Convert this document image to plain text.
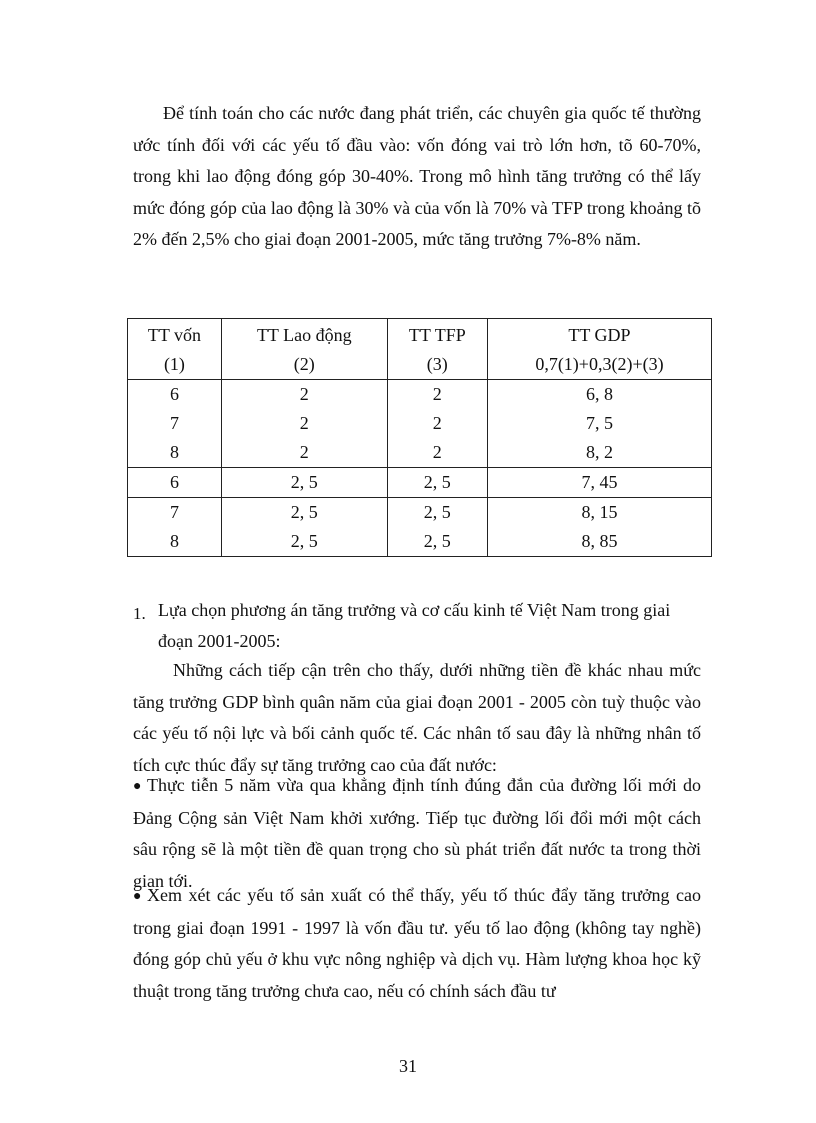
Để tính toán cho các nước đang phát triển, các chuyên gia quốc tế thường ước tính đối với các yếu tố đầu vào: vốn đóng vai trò lớn hơn, tõ 60-70%, trong khi lao động đóng góp 30-40%. Trong mô hình tăng trưởng có thể lấy mức đóng góp của lao động là 30% và của vốn là 70% và TFP trong khoảng tõ 2% đến 2,5% cho giai đoạn 2001-2005, mức tăng trưởng 7%-8% năm.

TT vốn	TT Lao động	TT TFP	TT GDP
(1)	(2)	(3)	0,7(1)+0,3(2)+(3)
6	2	2	6, 8
7	2	2	7, 5
8	2	2	8, 2
6	2, 5	2, 5	7, 45
7	2, 5	2, 5	8, 15
8	2, 5	2, 5	8, 85
1. Lựa chọn phương án tăng trưởng và cơ cấu kinh tế Việt Nam trong giai đoạn 2001-2005:

Những cách tiếp cận trên cho thấy, dưới những tiền đề khác nhau mức tăng trưởng GDP bình quân năm của giai đoạn 2001 - 2005 còn tuỳ thuộc vào các yếu tố nội lực và bối cảnh quốc tế. Các nhân tố sau đây là những nhân tố tích cực thúc đẩy sự tăng trưởng cao của đất nước:

● Thực tiễn 5 năm vừa qua khẳng định tính đúng đắn của đường lối mới do Đảng Cộng sản Việt Nam khởi xướng. Tiếp tục đường lối đổi mới một cách sâu rộng sẽ là một tiền đề quan trọng cho sù phát triển đất nước ta trong thời gian tới.

● Xem xét các yếu tố sản xuất có thể thấy, yếu tố thúc đẩy tăng trưởng cao trong giai đoạn 1991 - 1997 là vốn đầu tư. yếu tố lao động (không tay nghề) đóng góp chủ yếu ở khu vực nông nghiệp và dịch vụ. Hàm lượng khoa học kỹ thuật trong tăng trưởng chưa cao, nếu có chính sách đầu tư

31
